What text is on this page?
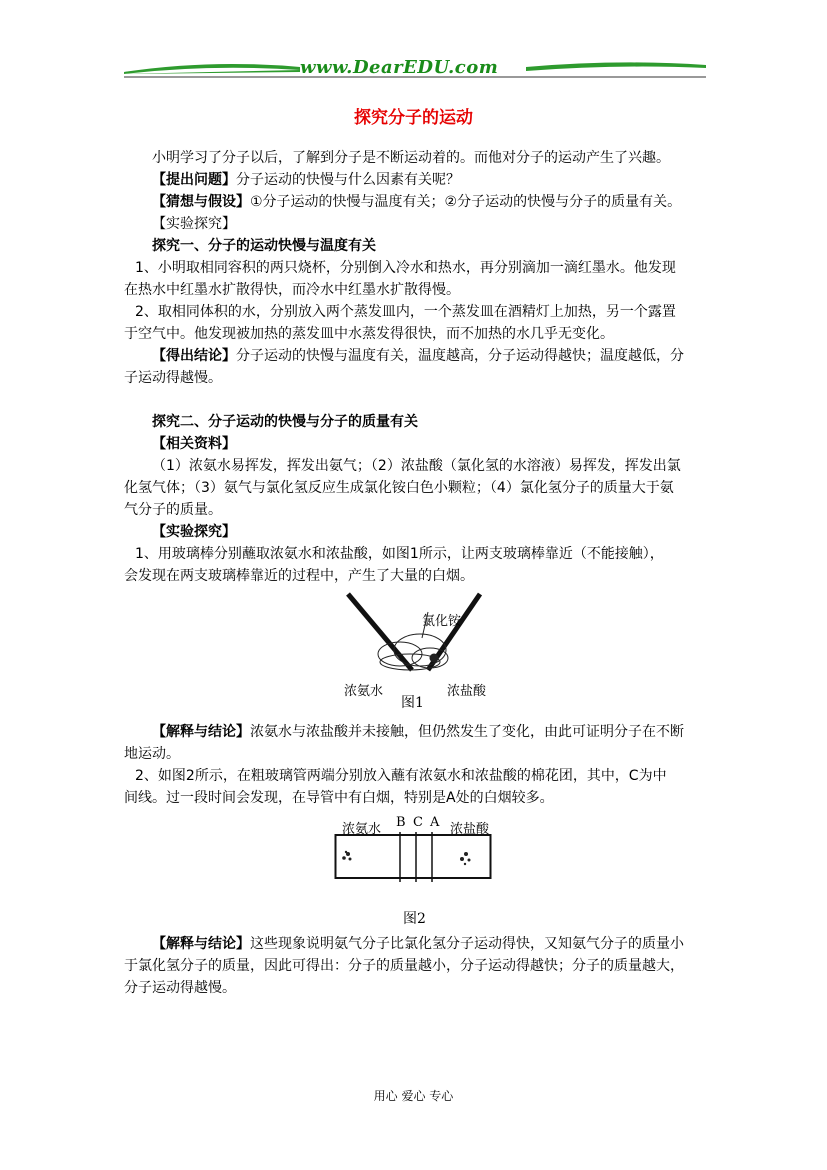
www.DearEDU.com
探究分子的运动
小明学习了分子以后，了解到分子是不断运动着的。而他对分子的运动产生了兴趣。
【提出问题】分子运动的快慢与什么因素有关呢？
【猜想与假设】①分子运动的快慢与温度有关；②分子运动的快慢与分子的质量有关。
【实验探究】
探究一、分子的运动快慢与温度有关
1、小明取相同容积的两只烧杯，分别倒入冷水和热水，再分别滴加一滴红墨水。他发现
在热水中红墨水扩散得快，而冷水中红墨水扩散得慢。
2、取相同体积的水，分别放入两个蒸发皿内，一个蒸发皿在酒精灯上加热，另一个露置
于空气中。他发现被加热的蒸发皿中水蒸发得很快，而不加热的水几乎无变化。
【得出结论】分子运动的快慢与温度有关，温度越高，分子运动得越快；温度越低，分
子运动得越慢。
探究二、分子运动的快慢与分子的质量有关
【相关资料】
（1）浓氨水易挥发，挥发出氨气；（2）浓盐酸（氯化氢的水溶液）易挥发，挥发出氯
化氢气体；（3）氨气与氯化氢反应生成氯化铵白色小颗粒；（4）氯化氢分子的质量大于氨
气分子的质量。
【实验探究】
1、用玻璃棒分别蘸取浓氨水和浓盐酸，如图1所示，让两支玻璃棒靠近（不能接触），
会发现在两支玻璃棒靠近的过程中，产生了大量的白烟。
氯化铵
浓氨水	浓盐酸
图1
【解释与结论】浓氨水与浓盐酸并未接触，但仍然发生了变化，由此可证明分子在不断
地运动。
2、如图2所示，在粗玻璃管两端分别放入蘸有浓氨水和浓盐酸的棉花团，其中，C为中
间线。过一段时间会发现，在导管中有白烟，特别是A处的白烟较多。
浓氨水 B C A 浓盐酸
图2
【解释与结论】这些现象说明氨气分子比氯化氢分子运动得快，又知氨气分子的质量小
于氯化氢分子的质量，因此可得出：分子的质量越小，分子运动得越快；分子的质量越大，
分子运动得越慢。
用心 爱心 专心
